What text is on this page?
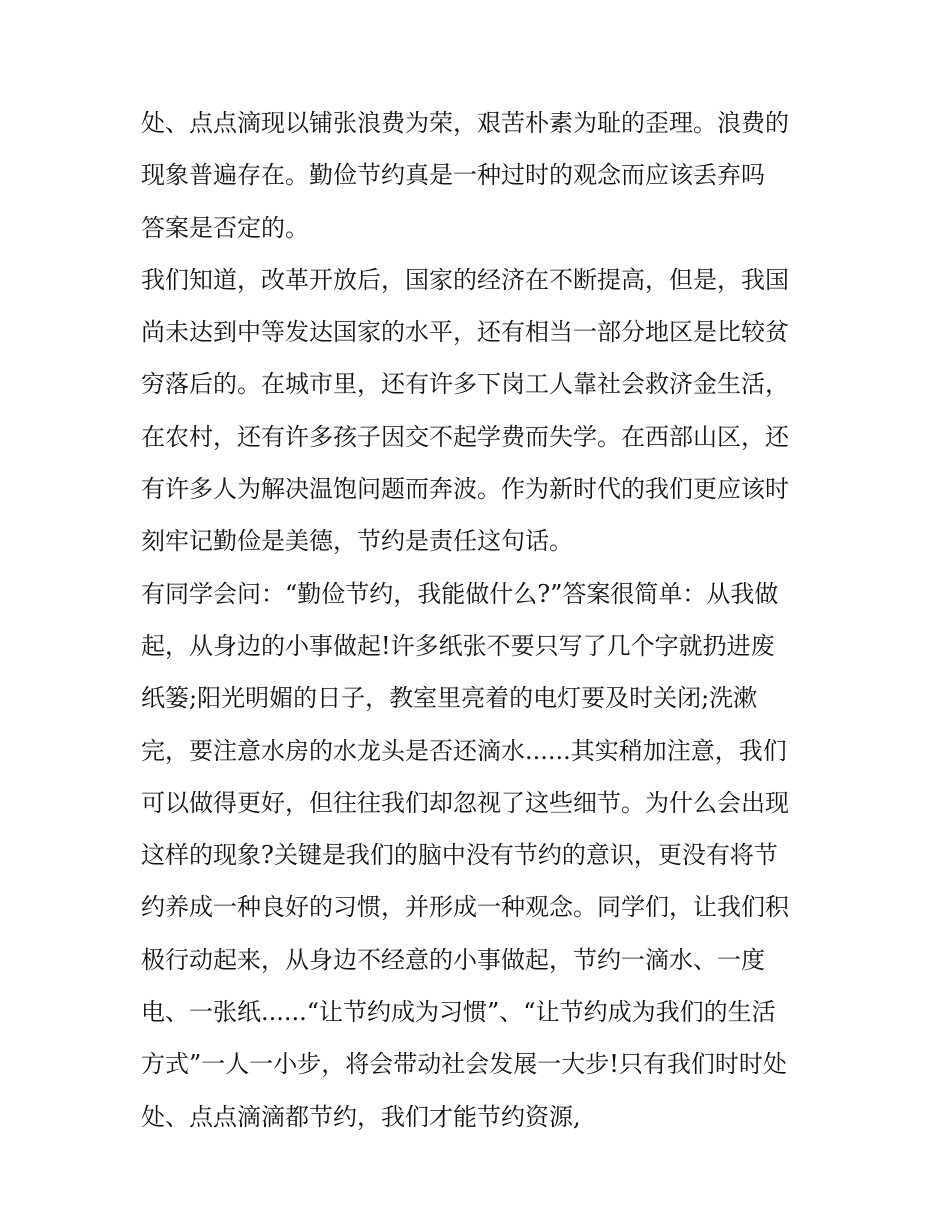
处、点点滴现以铺张浪费为荣，艰苦朴素为耻的歪理。浪费的
现象普遍存在。勤俭节约真是一种过时的观念而应该丢弃吗
答案是否定的。
我们知道，改革开放后，国家的经济在不断提高，但是，我国
尚未达到中等发达国家的水平，还有相当一部分地区是比较贫
穷落后的。在城市里，还有许多下岗工人靠社会救济金生活，
在农村，还有许多孩子因交不起学费而失学。在西部山区，还
有许多人为解决温饱问题而奔波。作为新时代的我们更应该时
刻牢记勤俭是美德，节约是责任这句话。
有同学会问：“勤俭节约，我能做什么?”答案很简单：从我做
起，从身边的小事做起!许多纸张不要只写了几个字就扔进废
纸篓;阳光明媚的日子，教室里亮着的电灯要及时关闭;洗漱
完，要注意水房的水龙头是否还滴水......其实稍加注意，我们
可以做得更好，但往往我们却忽视了这些细节。为什么会出现
这样的现象?关键是我们的脑中没有节约的意识，更没有将节
约养成一种良好的习惯，并形成一种观念。同学们，让我们积
极行动起来，从身边不经意的小事做起，节约一滴水、一度
电、一张纸......“让节约成为习惯”、“让节约成为我们的生活
方式”一人一小步，将会带动社会发展一大步!只有我们时时处
处、点点滴滴都节约，我们才能节约资源,
